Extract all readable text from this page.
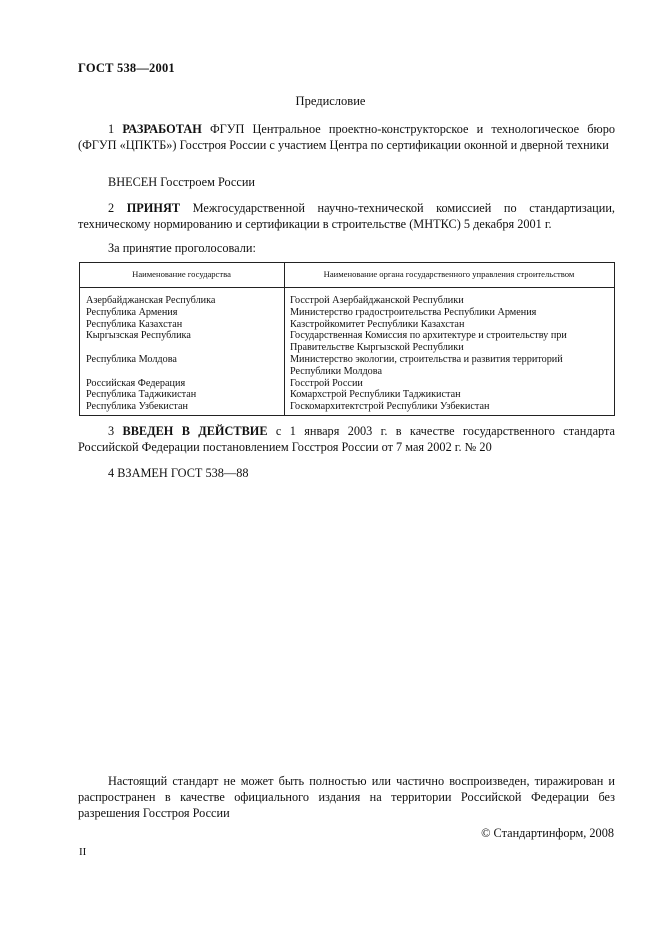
ГОСТ 538—2001
Предисловие
1 РАЗРАБОТАН ФГУП Центральное проектно-конструкторское и технологическое бюро (ФГУП «ЦПКТБ») Госстроя России с участием Центра по сертификации оконной и дверной техники
ВНЕСЕН Госстроем России
2 ПРИНЯТ Межгосударственной научно-технической комиссией по стандартизации, техническому нормированию и сертификации в строительстве (МНТКС) 5 декабря 2001 г.
За принятие проголосовали:
Наименование государства	Наименование органа государственного управления строительством
Азербайджанская Республика	Госстрой Азербайджанской Республики
Республика Армения	Министерство градостроительства Республики Армения
Республика Казахстан	Казстройкомитет Республики Казахстан
Кыргызская Республика	Государственная Комиссия по архитектуре и строительству при Правительстве Кыргызской Республики
Республика Молдова	Министерство экологии, строительства и развития территорий Республики Молдова
Российская Федерация	Госстрой России
Республика Таджикистан	Комархстрой Республики Таджикистан
Республика Узбекистан	Госкомархитектстрой Республики Узбекистан
3 ВВЕДЕН В ДЕЙСТВИЕ с 1 января 2003 г. в качестве государственного стандарта Российской Федерации постановлением Госстроя России от 7 мая 2002 г. № 20
4 ВЗАМЕН ГОСТ 538—88
Настоящий стандарт не может быть полностью или частично воспроизведен, тиражирован и распространен в качестве официального издания на территории Российской Федерации без разрешения Госстроя России
© Стандартинформ, 2008
II
